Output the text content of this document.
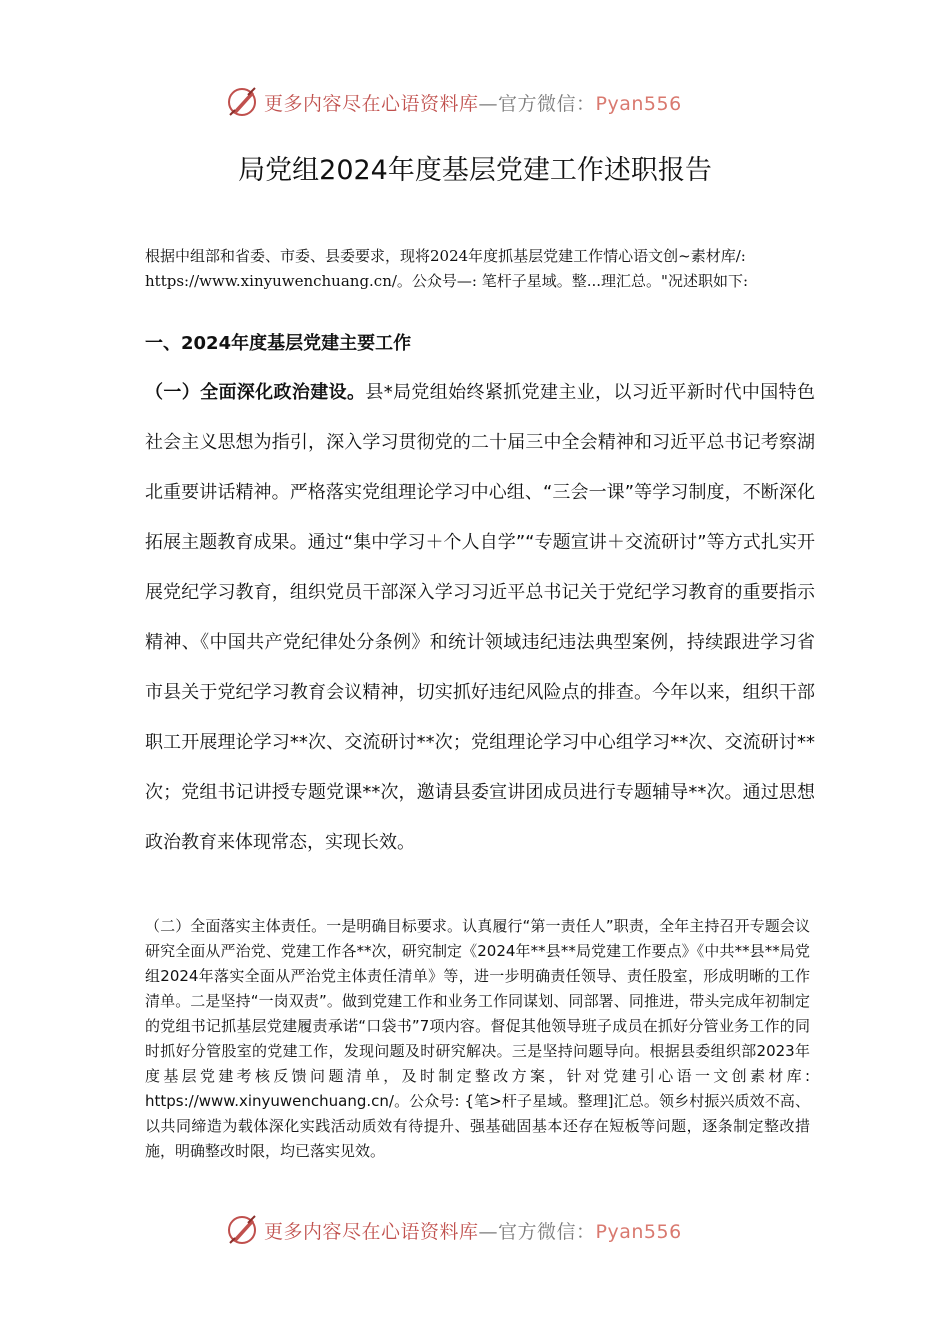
更多内容尽在心语资料库—官方微信：Pyan556
局党组2024年度基层党建工作述职报告

根据中组部和省委、市委、县委要求，现将2024年度抓基层党建工作情心语文创~素材库/: https://www.xinyuwenchuang.cn/。公众号—: 笔杆子星域。整...理汇总。"况述职如下:

一、2024年度基层党建主要工作

（一）全面深化政治建设。县*局党组始终紧抓党建主业，以习近平新时代中国特色社会主义思想为指引，深入学习贯彻党的二十届三中全会精神和习近平总书记考察湖北重要讲话精神。严格落实党组理论学习中心组、“三会一课”等学习制度，不断深化拓展主题教育成果。通过“集中学习＋个人自学”“专题宣讲＋交流研讨”等方式扎实开展党纪学习教育，组织党员干部深入学习习近平总书记关于党纪学习教育的重要指示精神、《中国共产党纪律处分条例》和统计领域违纪违法典型案例，持续跟进学习省市县关于党纪学习教育会议精神，切实抓好违纪风险点的排查。今年以来，组织干部职工开展理论学习**次、交流研讨**次；党组理论学习中心组学习**次、交流研讨**次；党组书记讲授专题党课**次，邀请县委宣讲团成员进行专题辅导**次。通过思想政治教育来体现常态，实现长效。

（二）全面落实主体责任。一是明确目标要求。认真履行“第一责任人”职责，全年主持召开专题会议研究全面从严治党、党建工作各**次，研究制定《2024年**县**局党建工作要点》《中共**县**局党组2024年落实全面从严治党主体责任清单》等，进一步明确责任领导、责任股室，形成明晰的工作清单。二是坚持“一岗双责”。做到党建工作和业务工作同谋划、同部署、同推进，带头完成年初制定的党组书记抓基层党建履责承诺“口袋书”7项内容。督促其他领导班子成员在抓好分管业务工作的同时抓好分管股室的党建工作，发现问题及时研究解决。三是坚持问题导向。根据县委组织部2023年度基层党建考核反馈问题清单，及时制定整改方案，针对党建引心语一文创素材库: https://www.xinyuwenchuang.cn/。公众号: {笔>杆子星域。整理]汇总。领乡村振兴质效不高、以共同缔造为载体深化实践活动质效有待提升、强基础固基本还存在短板等问题，逐条制定整改措施，明确整改时限，均已落实见效。

更多内容尽在心语资料库—官方微信：Pyan556
